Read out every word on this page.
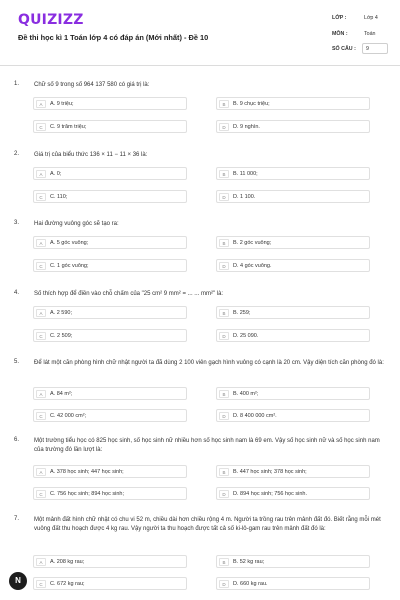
QUIZIZZ
Đề thi học kì 1 Toán lớp 4 có đáp án (Mới nhất) - Đề 10
LỚP :	Lớp 4
MÔN :	Toán
SỐ CÂU : 9
1. Chữ số 9 trong số 964 137 580 có giá trị là:
A	A. 9 triệu;	B	B. 9 chục triệu;
C	C. 9 trăm triệu;	D	D. 9 nghìn.
2. Giá trị của biểu thức 136 × 11 − 11 × 36 là:
A	A. 0;	B	B. 11 000;
C	C. 110;	D	D. 1 100.
3. Hai đường vuông góc sẽ tạo ra:
A	A. 5 góc vuông;	B	B. 2 góc vuông;
C	C. 1 góc vuông;	D	D. 4 góc vuông.
4. Số thích hợp để điền vào chỗ chấm của "25 cm² 9 mm² = ... ... mm²" là:
A	A. 2 590;	B	B. 259;
C	C. 2 509;	D	D. 25 090.
5. Để lát một căn phòng hình chữ nhật người ta đã dùng 2 100 viên gạch hình vuông có cạnh là 20 cm. Vậy diện tích căn phòng đó là:
A	A. 84 m²;	B	B. 400 m²;
C	C. 42 000 cm²;	D	D. 8 400 000 cm².
6. Một trường tiểu học có 825 học sinh, số học sinh nữ nhiều hơn số học sinh nam là 69 em. Vậy số học sinh nữ và số học sinh nam của trường đó lần lượt là:
A	A. 378 học sinh; 447 học sinh;	B	B. 447 học sinh; 378 học sinh;
C	C. 756 học sinh; 894 học sinh;	D	D. 894 học sinh; 756 học sinh.
7. Một mảnh đất hình chữ nhật có chu vi 52 m, chiều dài hơn chiều rộng 4 m. Người ta trồng rau trên mảnh đất đó. Biết rằng mỗi mét vuông đất thu hoạch được 4 kg rau. Vậy người ta thu hoạch được tất cả số ki-lô-gam rau trên mảnh đất đó là:
A	A. 208 kg rau;	B	B. 52 kg rau;
C	C. 672 kg rau;	D	D. 660 kg rau.
N
